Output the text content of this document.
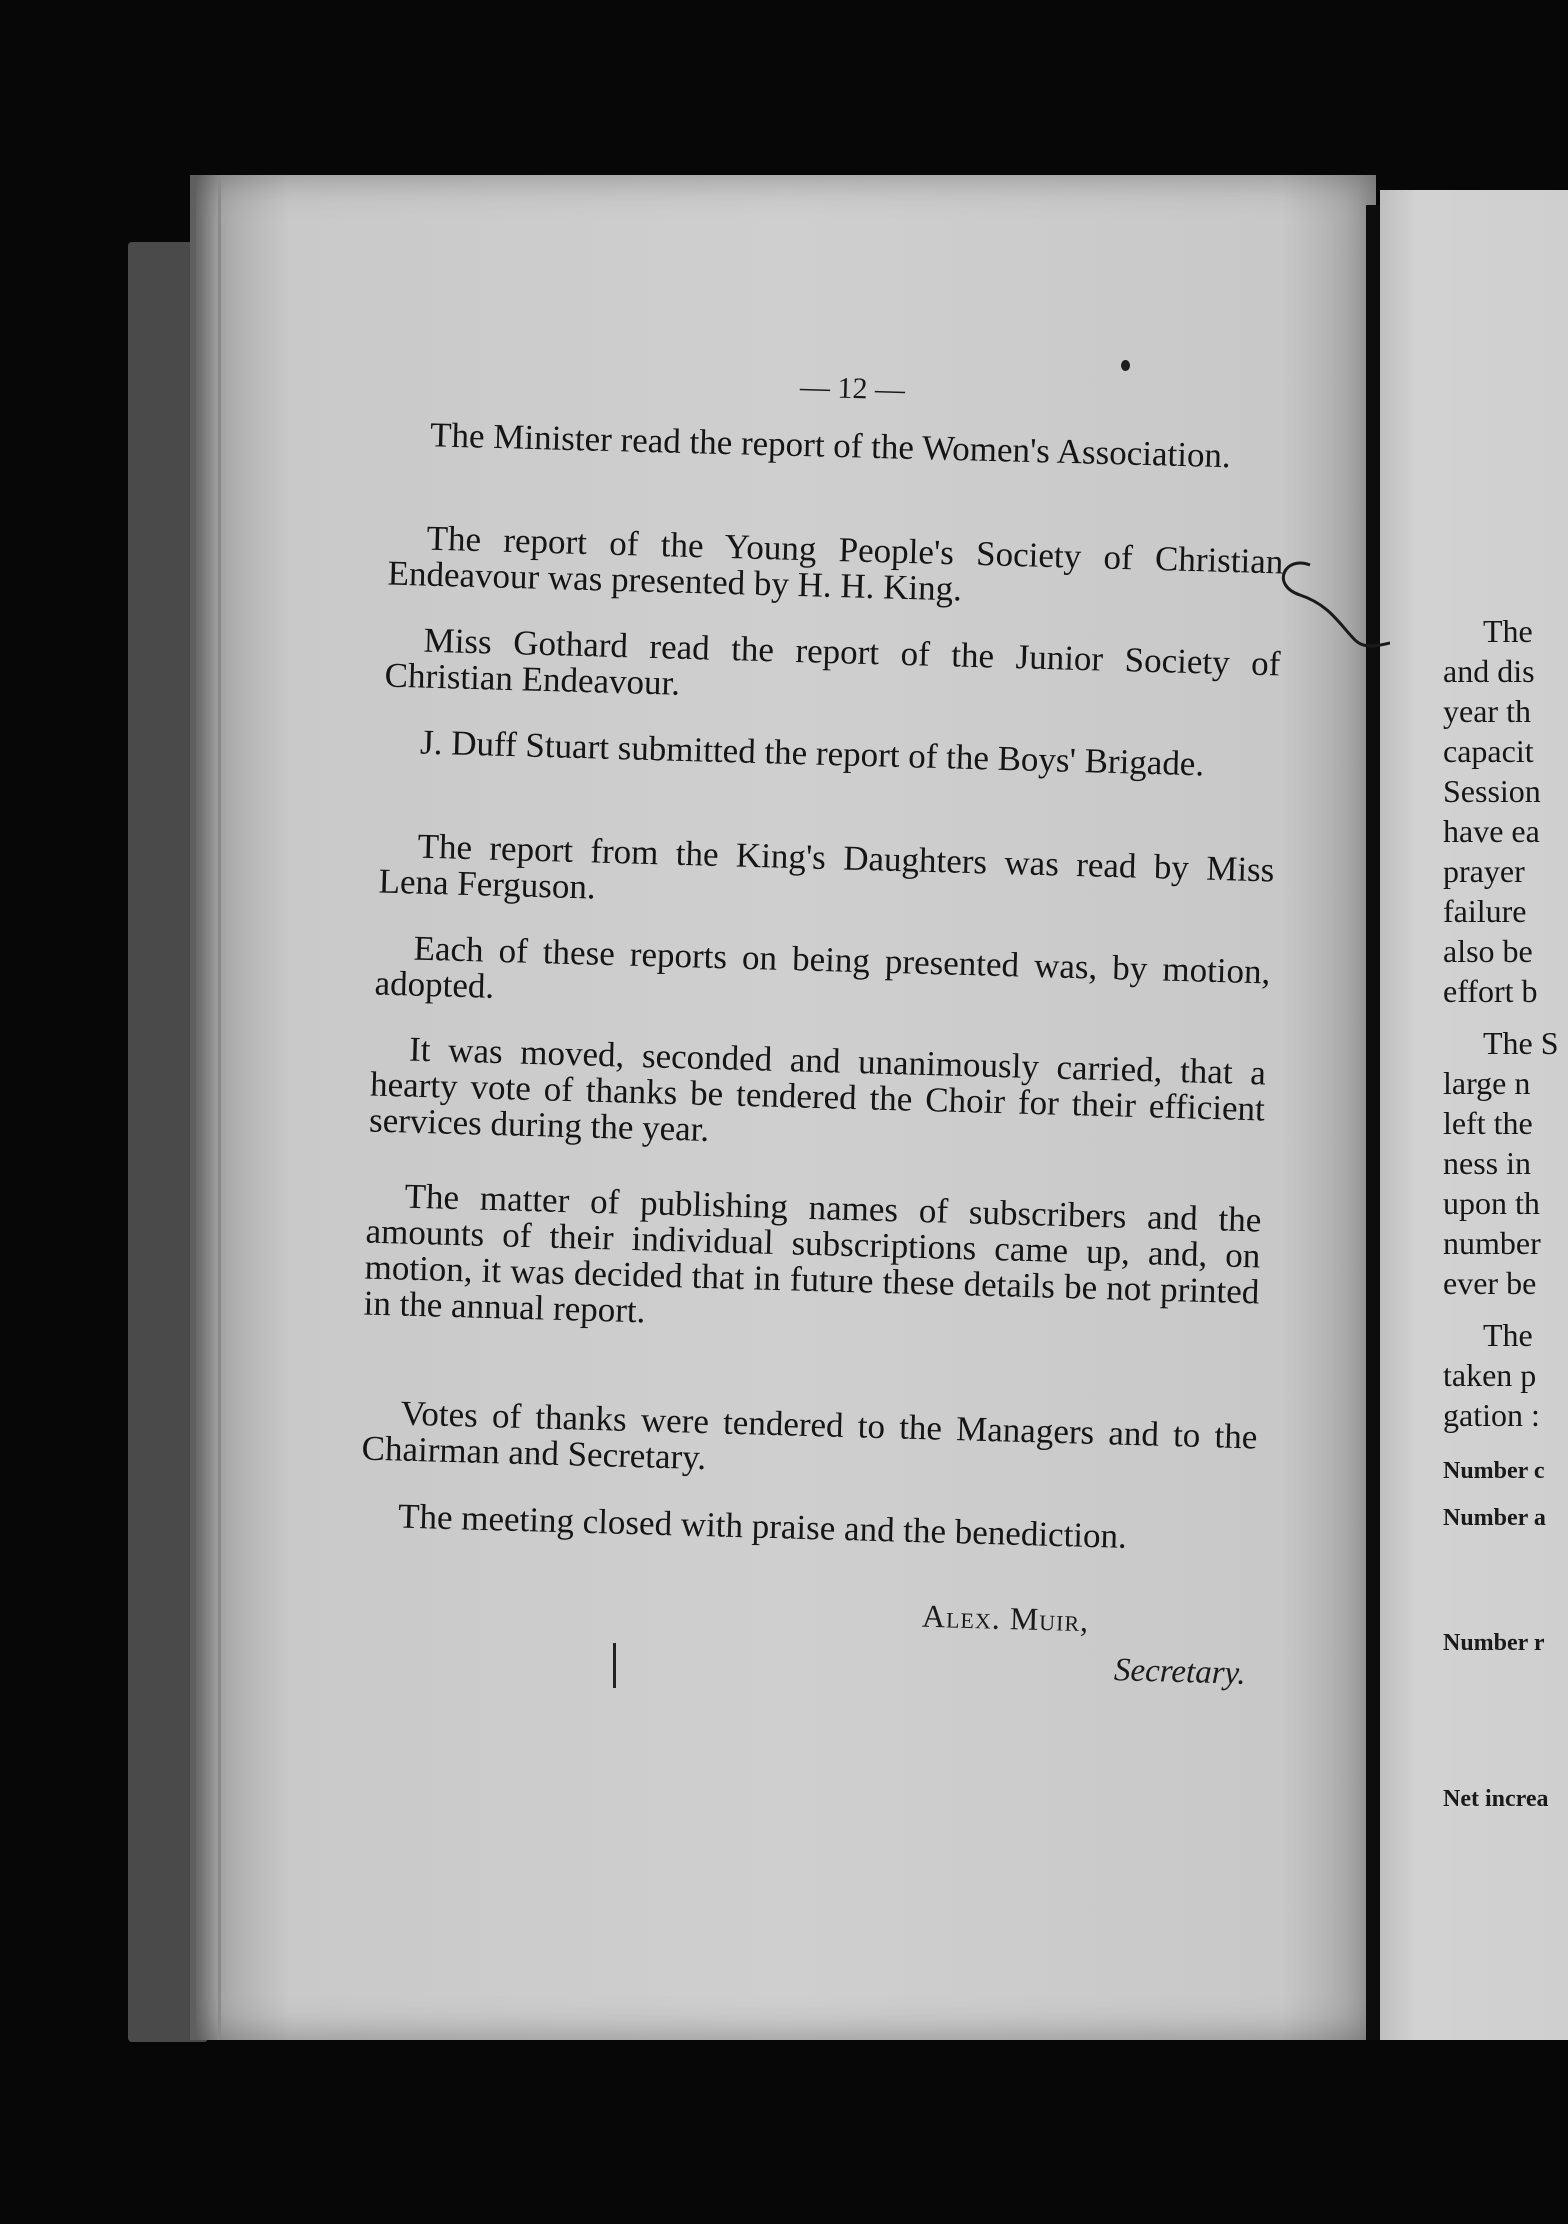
— 12 —
The Minister read the report of the Women's Association.
The report of the Young People's Society of Christian Endeavour was presented by H. H. King.
Miss Gothard read the report of the Junior Society of Christian Endeavour.
J. Duff Stuart submitted the report of the Boys' Brigade.
The report from the King's Daughters was read by Miss Lena Ferguson.
Each of these reports on being presented was, by motion, adopted.
It was moved, seconded and unanimously carried, that a hearty vote of thanks be tendered the Choir for their efficient services during the year.
The matter of publishing names of subscribers and the amounts of their individual subscriptions came up, and, on motion, it was decided that in future these details be not printed in the annual report.
Votes of thanks were tendered to the Managers and to the Chairman and Secretary.
The meeting closed with praise and the benediction.
Alex. Muir,
Secretary.
The
and dis
year th
capacit
Session
have ea
prayer
failure
also be
effort b
The S
large n
left the
ness in
upon th
number
ever be
The
taken p
gation :
Number c
Number a
Number r
Net increa
